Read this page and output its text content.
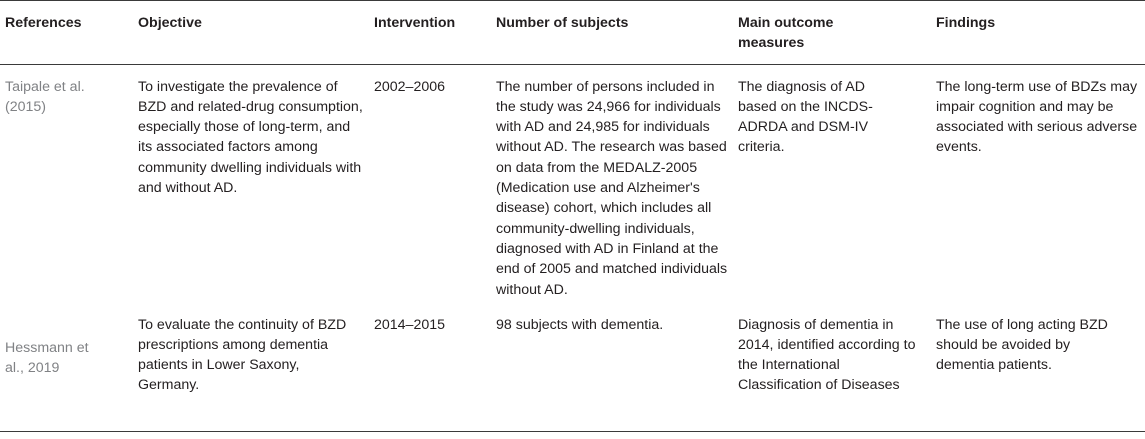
References	Objective	Intervention	Number of subjects	Main outcome measures	Findings
Taipale et al. (2015)	To investigate the prevalence of BZD and related-drug consumption, especially those of long-term, and its associated factors among community dwelling individuals with and without AD.	2002–2006	The number of persons included in the study was 24,966 for individuals with AD and 24,985 for individuals without AD. The research was based on data from the MEDALZ-2005 (Medication use and Alzheimer's disease) cohort, which includes all community-dwelling individuals, diagnosed with AD in Finland at the end of 2005 and matched individuals without AD.	The diagnosis of AD based on the INCDS-ADRDA and DSM-IV criteria.	The long-term use of BDZs may impair cognition and may be associated with serious adverse events.
Hessmann et al., 2019	To evaluate the continuity of BZD prescriptions among dementia patients in Lower Saxony, Germany.	2014–2015	98 subjects with dementia.	Diagnosis of dementia in 2014, identified according to the International Classification of Diseases	The use of long acting BZD should be avoided by dementia patients.
